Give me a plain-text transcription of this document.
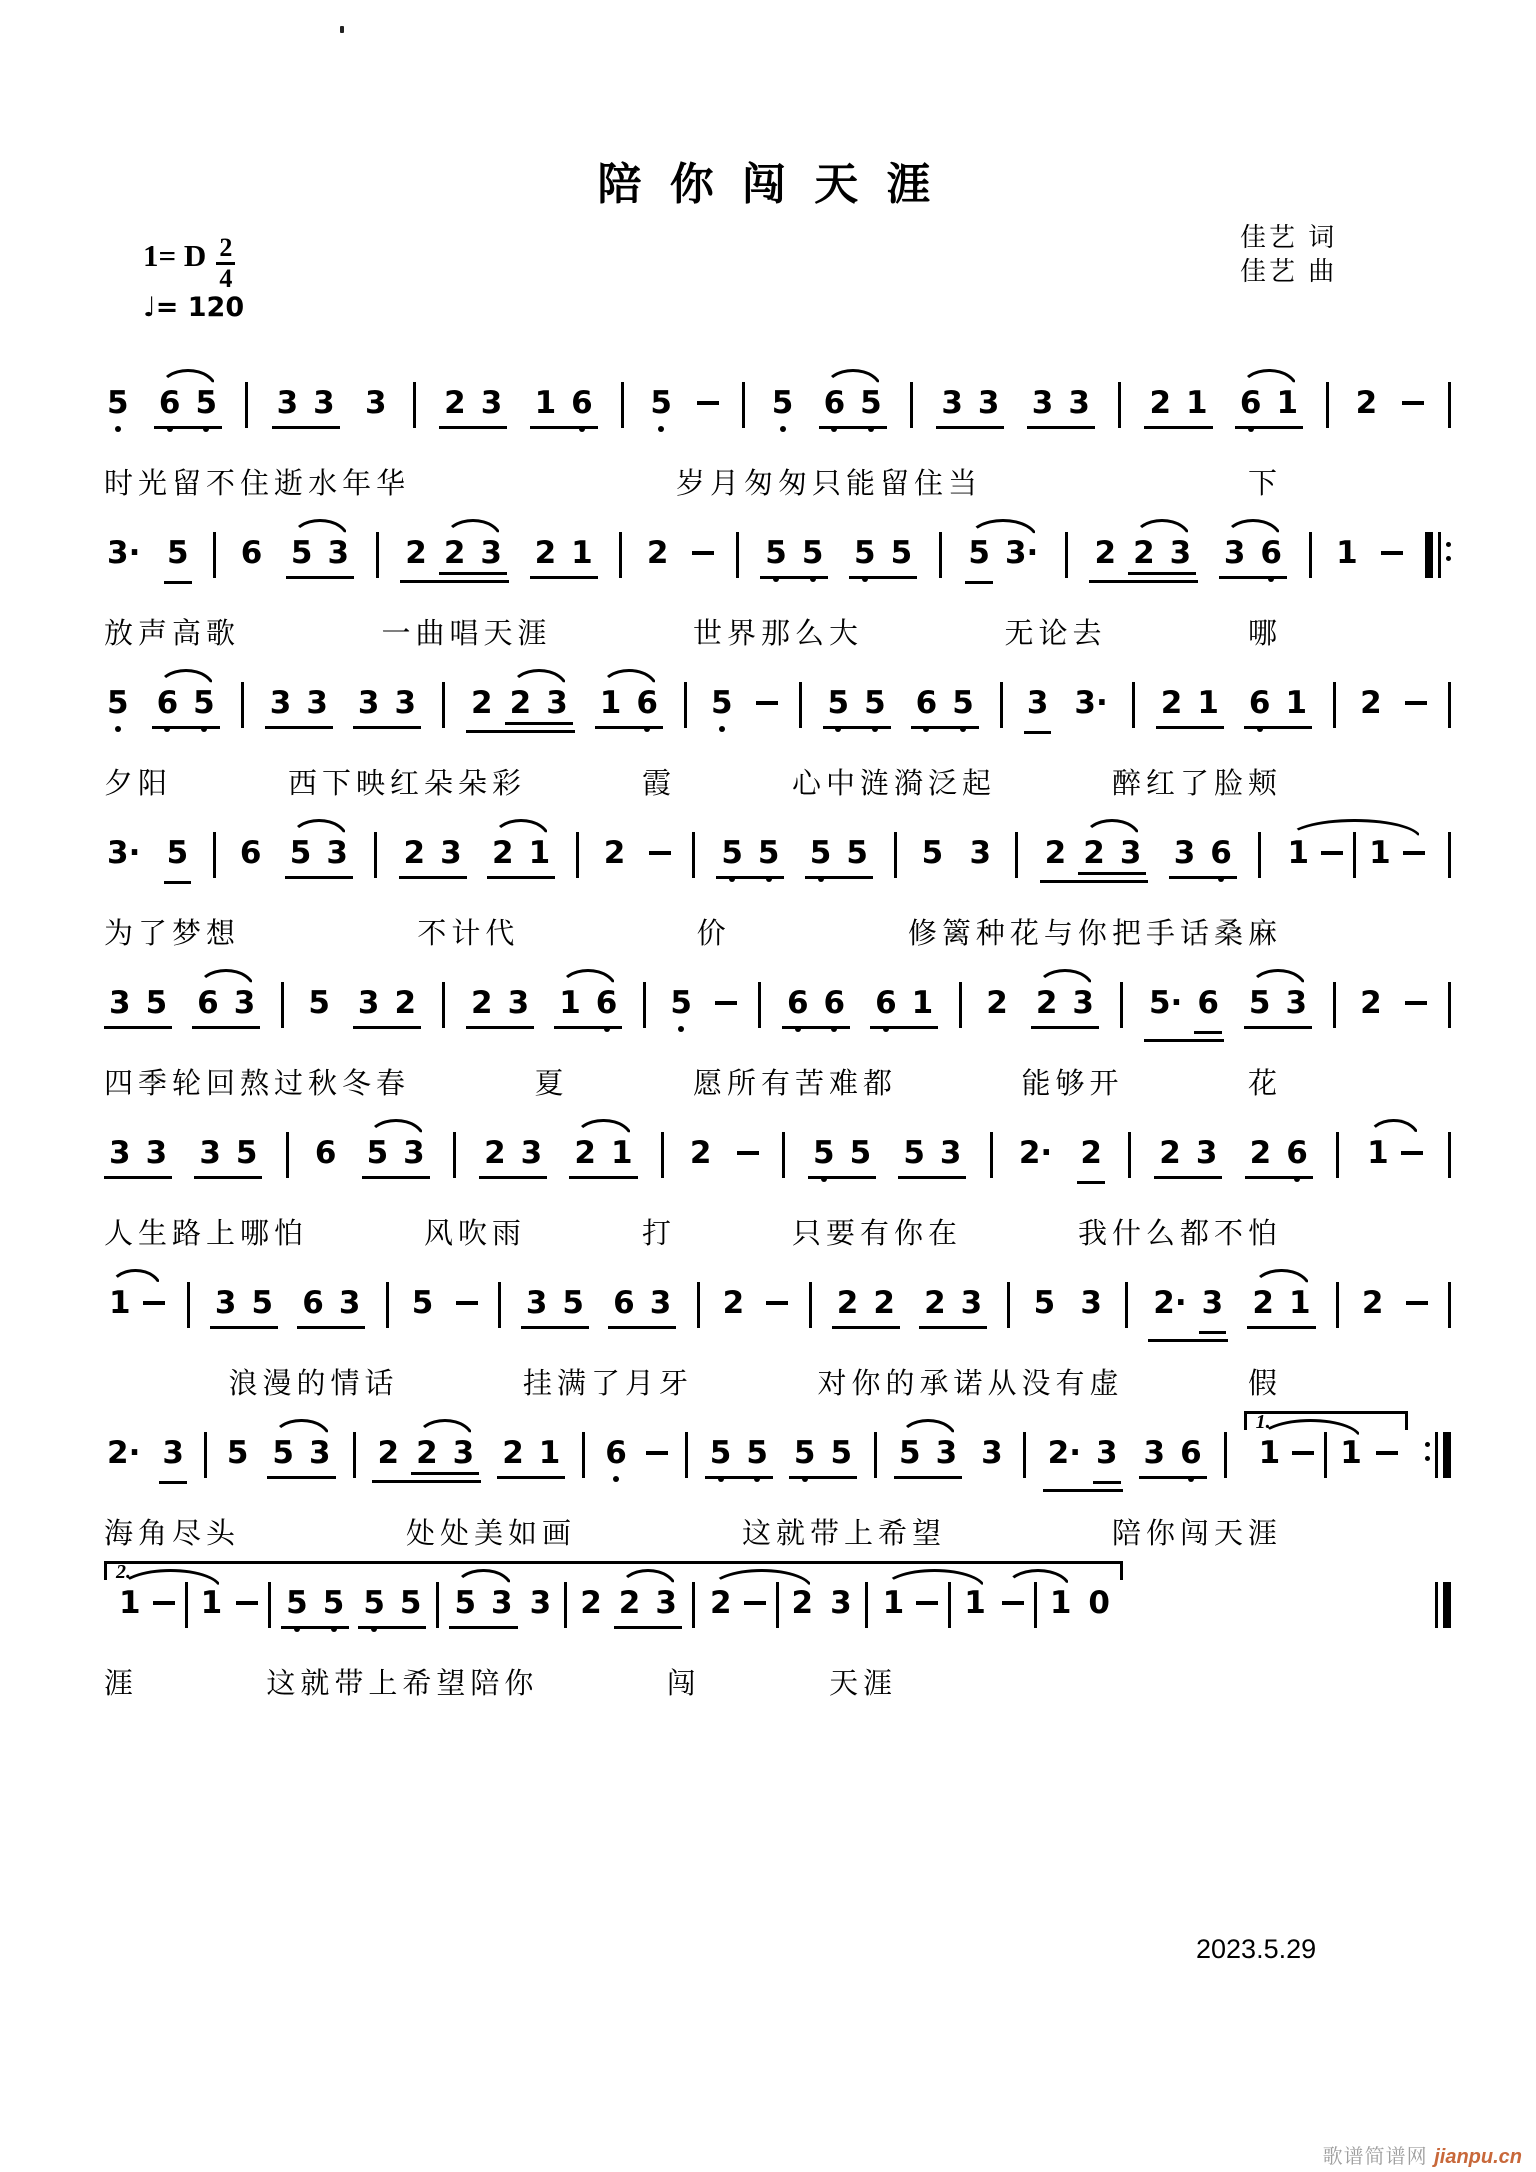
陪 你 闯 天 涯
佳艺 词
佳艺 曲
1= D $\frac{2}{4}$
♩= 120
5 6 5 3 3 3 2 3 1 6 5	5 6 5 3 3 3 3 2 1 6 1 2
时 光 留不住 逝 水年 华	岁 月 匆匆只能 留住当	下
3· 5 6 5 3 2 2 3 2 1 2	5 5 5 5 5 3· 2 2 3 3 6 1
放 声 高 歌	一曲 唱天 涯	世界那么 大	无论 去	哪
5 6 5 3 3 3 3 2 2 3 1 6 5	5 5 6 5 3 3· 2 1 6 1 2
夕 阳	西下映红 朵朵 彩	霞	心中涟漪 泛起	醉红了脸 颊
3· 5 6 5 3 2 3 2 1 2	5 5 5 5 5 3 2 2 3 3 6 1 1
为 了 梦 想	不计代	价	修篱种花 与 你 把手 话桑 麻
3 5 6 3 5 3 2 2 3 1 6 5	6 6 6 1 2 2 3 5· 6 5 3 2
四季轮 回 熬过 秋冬春	夏	愿所有苦 难 都	能 够开	花
3 3 3 5 6 5 3 2 3 2 1 2	5 5 5 3 2· 2 2 3 2 6 1
人生路上 哪 怕	风吹雨	打	只要有你 在	我 什么都不 怕
1	3 5 6 3 5	3 5 6 3 2	2 2 2 3 5 3 2· 3 2 1 2
浪漫的情 话	挂满了月 牙	对你的承 诺 从 没有虚	假
2· 3 5 5 3 2 2 3 2 1 6	5 5 5 5 5 3 3 2· 3 3 6
1.
1 1
海 角 尽 头	处处 美如 画	这就 带上 希 望	陪你 闯天 涯
2.
1 1 5 5 5 5 5 3 3 2 2 3 2 2 3 1 1 1 0
涯	这就 带上 希 望 陪 你	闯	天 涯
2023.5.29
歌谱简谱网 jianpu.cn
